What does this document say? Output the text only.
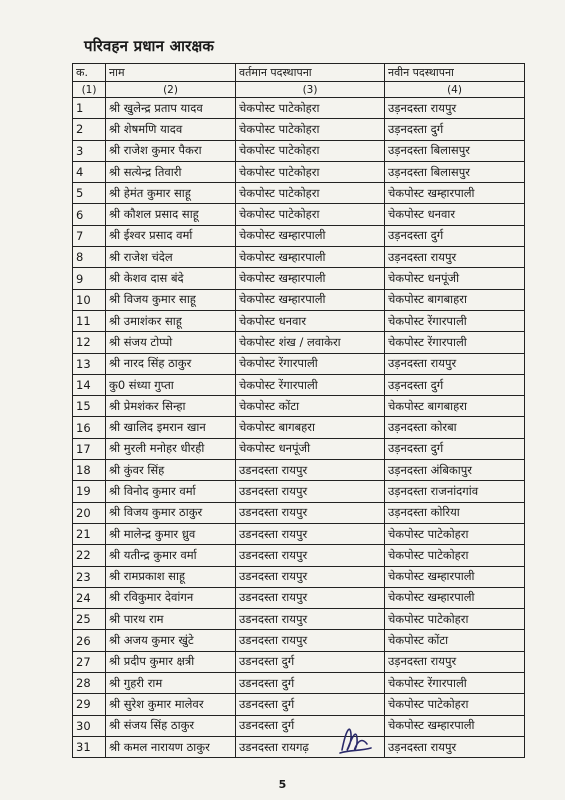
परिवहन प्रधान आरक्षक
क.	नाम	वर्तमान पदस्थापना	नवीन पदस्थापना
(1)	(2)	(3)	(4)
1	श्री खुलेन्द्र प्रताप यादव	चेकपोस्ट पाटेकोहरा	उड़नदस्ता रायपुर
2	श्री शेषमणि यादव	चेकपोस्ट पाटेकोहरा	उड़नदस्ता दुर्ग
3	श्री राजेश कुमार पैकरा	चेकपोस्ट पाटेकोहरा	उड़नदस्ता बिलासपुर
4	श्री सत्येन्द्र तिवारी	चेकपोस्ट पाटेकोहरा	उड़नदस्ता बिलासपुर
5	श्री हेमंत कुमार साहू	चेकपोस्ट पाटेकोहरा	चेकपोस्ट खम्हारपाली
6	श्री कौशल प्रसाद साहू	चेकपोस्ट पाटेकोहरा	चेकपोस्ट धनवार
7	श्री ईश्वर प्रसाद वर्मा	चेकपोस्ट खम्हारपाली	उड़नदस्ता दुर्ग
8	श्री राजेश चंदेल	चेकपोस्ट खम्हारपाली	उड़नदस्ता रायपुर
9	श्री केशव दास बंदे	चेकपोस्ट खम्हारपाली	चेकपोस्ट धनपूंजी
10	श्री विजय कुमार साहू	चेकपोस्ट खम्हारपाली	चेकपोस्ट बागबाहरा
11	श्री उमाशंकर साहू	चेकपोस्ट धनवार	चेकपोस्ट रेंगारपाली
12	श्री संजय टोप्पो	चेकपोस्ट शंख / लवाकेरा	चेकपोस्ट रेंगारपाली
13	श्री नारद सिंह ठाकुर	चेकपोस्ट रेंगारपाली	उड़नदस्ता रायपुर
14	कु0 संध्या गुप्ता	चेकपोस्ट रेंगारपाली	उड़नदस्ता दुर्ग
15	श्री प्रेमशंकर सिन्हा	चेकपोस्ट कोंटा	चेकपोस्ट बागबाहरा
16	श्री खालिद इमरान खान	चेकपोस्ट बागबहरा	उड़नदस्ता कोरबा
17	श्री मुरली मनोहर धीरही	चेकपोस्ट धनपूंजी	उड़नदस्ता दुर्ग
18	श्री कुंवर सिंह	उडनदस्ता रायपुर	उड़नदस्ता अंबिकापुर
19	श्री विनोद कुमार वर्मा	उडनदस्ता रायपुर	उड़नदस्ता राजनांदगांव
20	श्री विजय कुमार ठाकुर	उडनदस्ता रायपुर	उड़नदस्ता कोरिया
21	श्री मालेन्द्र कुमार ध्रुव	उडनदस्ता रायपुर	चेकपोस्ट पाटेकोहरा
22	श्री यतीन्द्र कुमार वर्मा	उडनदस्ता रायपुर	चेकपोस्ट पाटेकोहरा
23	श्री रामप्रकाश साहू	उडनदस्ता रायपुर	चेकपोस्ट खम्हारपाली
24	श्री रविकुमार देवांगन	उडनदस्ता रायपुर	चेकपोस्ट खम्हारपाली
25	श्री पारथ राम	उडनदस्ता रायपुर	चेकपोस्ट पाटेकोहरा
26	श्री अजय कुमार खुंटे	उडनदस्ता रायपुर	चेकपोस्ट कोंटा
27	श्री प्रदीप कुमार क्षत्री	उडनदस्ता दुर्ग	उड़नदस्ता रायपुर
28	श्री गुहरी राम	उडनदस्ता दुर्ग	चेकपोस्ट रेंगारपाली
29	श्री सुरेश कुमार मालेवर	उडनदस्ता दुर्ग	चेकपोस्ट पाटेकोहरा
30	श्री संजय सिंह ठाकुर	उडनदस्ता दुर्ग	चेकपोस्ट खम्हारपाली
31	श्री कमल नारायण ठाकुर	उडनदस्ता रायगढ़	उड़नदस्ता रायपुर
5
